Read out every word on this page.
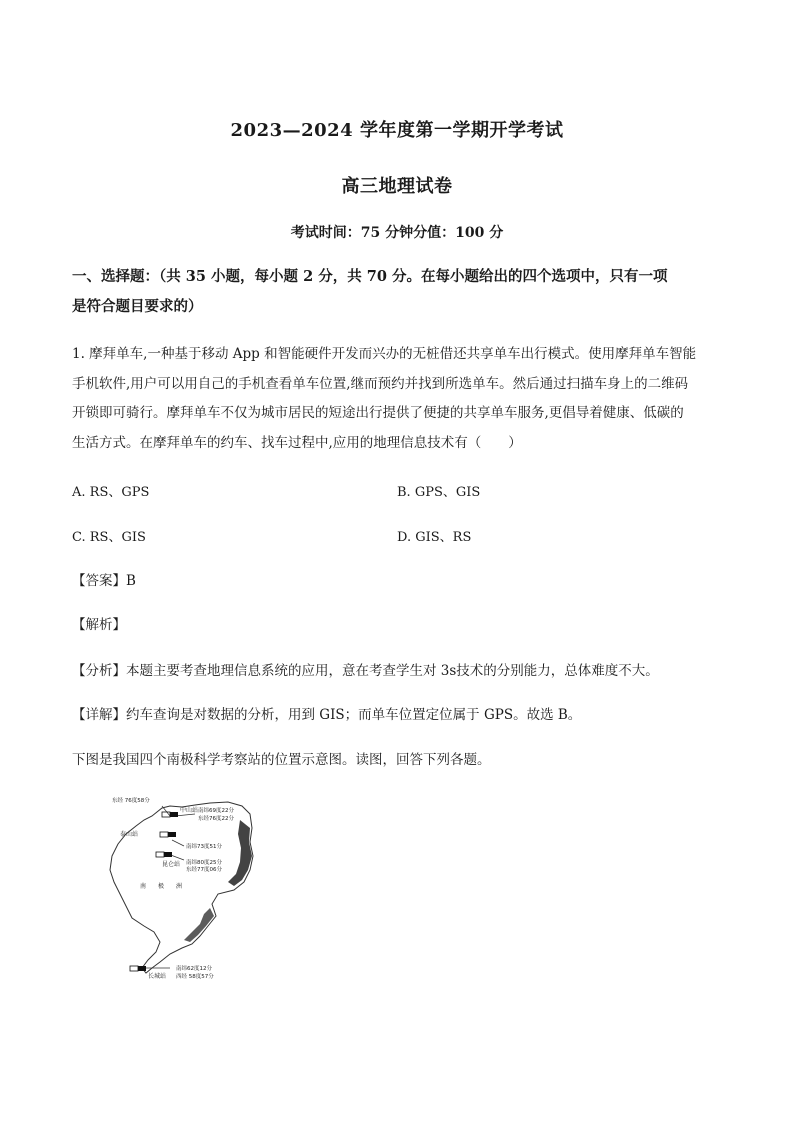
2023—2024 学年度第一学期开学考试
高三地理试卷
考试时间：75 分钟分值：100 分
一、选择题：（共 35 小题，每小题 2 分，共 70 分。在每小题给出的四个选项中，只有一项
是符合题目要求的）
1. 摩拜单车,一种基于移动 App 和智能硬件开发而兴办的无桩借还共享单车出行模式。使用摩拜单车智能
手机软件,用户可以用自己的手机查看单车位置,继而预约并找到所选单车。然后通过扫描车身上的二维码
开锁即可骑行。摩拜单车不仅为城市居民的短途出行提供了便捷的共享单车服务,更倡导着健康、低碳的
生活方式。在摩拜单车的约车、找车过程中,应用的地理信息技术有（　　）
A. RS、GPS	B. GPS、GIS
C. RS、GIS	D. GIS、RS
【答案】B
【解析】
【分析】本题主要考查地理信息系统的应用，意在考查学生对 3s技术的分别能力，总体难度不大。
【详解】约车查询是对数据的分析，用到 GIS；而单车位置定位属于 GPS。故选 B。
下图是我国四个南极科学考察站的位置示意图。读图，回答下列各题。
东经 76度58分
中山站 南纬69度22分
东经76度22分
泰山站
南纬73度51分
南纬80度25分
东经77度06分
昆仑站
南　　极　　洲
南纬62度12分
长城站 西经 58度57分
